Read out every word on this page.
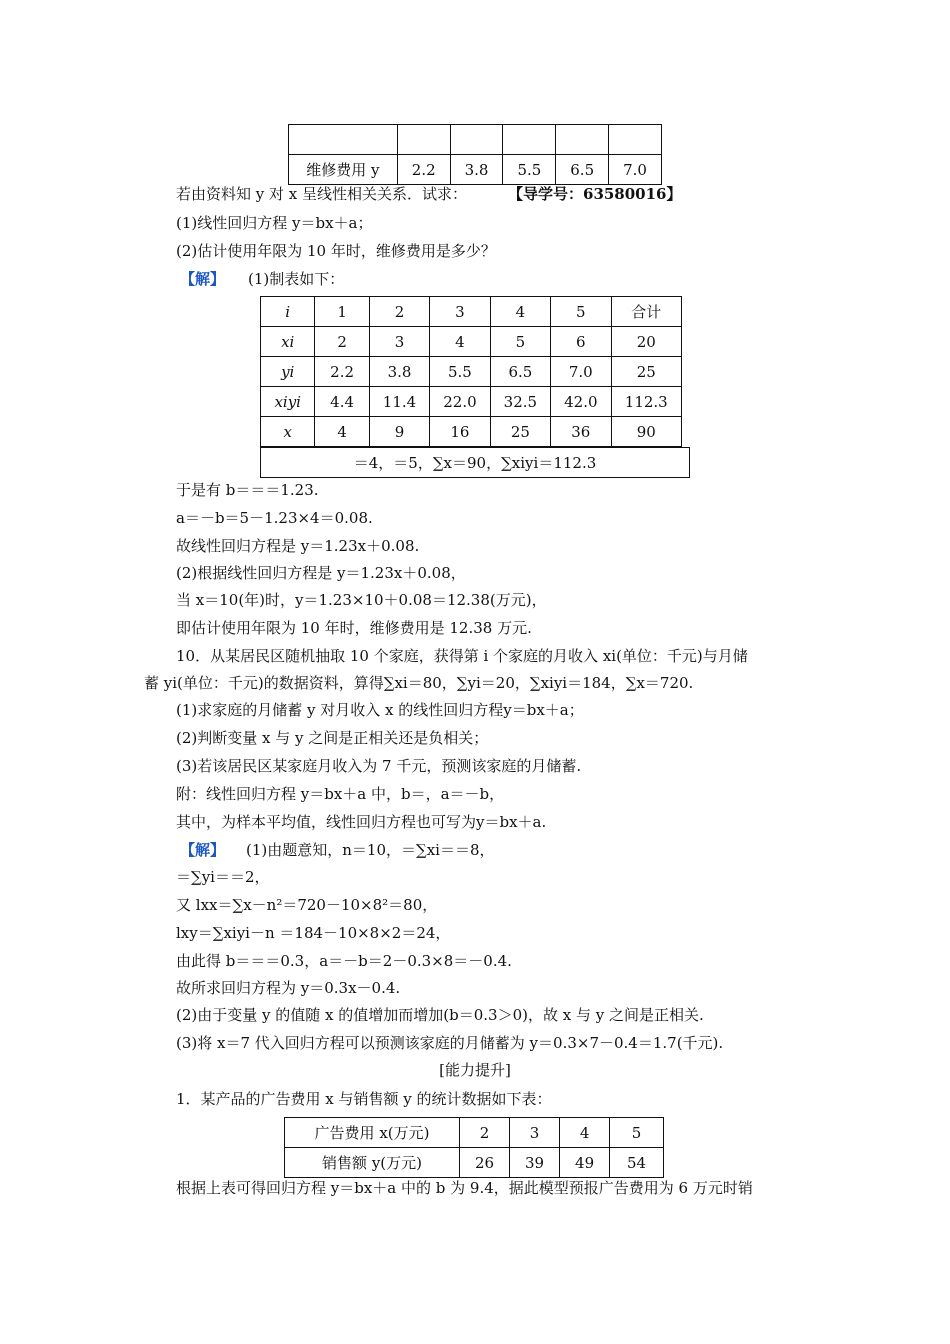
维修费用 y	2.2	3.8	5.5	6.5	7.0
若由资料知 y 对 x 呈线性相关关系．试求：	【导学号：63580016】
(1)线性回归方程 y＝bx＋a；
(2)估计使用年限为 10 年时，维修费用是多少？
【解】 (1)制表如下：
i	1	2	3	4	5	合计
xi	2	3	4	5	6	20
yi	2.2	3.8	5.5	6.5	7.0	25
xiyi	4.4	11.4	22.0	32.5	42.0	112.3
x	4	9	16	25	36	90
＝4，＝5，∑x＝90，∑xiyi＝112.3
于是有 b＝＝＝1.23.
a＝－b＝5－1.23×4＝0.08.
故线性回归方程是 y＝1.23x＋0.08.
(2)根据线性回归方程是 y＝1.23x＋0.08，
当 x＝10(年)时，y＝1.23×10＋0.08＝12.38(万元)，
即估计使用年限为 10 年时，维修费用是 12.38 万元.
10．从某居民区随机抽取 10 个家庭，获得第 i 个家庭的月收入 xi(单位：千元)与月储
蓄 yi(单位：千元)的数据资料，算得∑xi＝80，∑yi＝20，∑xiyi＝184，∑x＝720.
(1)求家庭的月储蓄 y 对月收入 x 的线性回归方程y＝bx＋a；
(2)判断变量 x 与 y 之间是正相关还是负相关；
(3)若该居民区某家庭月收入为 7 千元，预测该家庭的月储蓄.
附：线性回归方程 y＝bx＋a 中，b＝，a＝－b，
其中，为样本平均值，线性回归方程也可写为y＝bx＋a.
【解】 (1)由题意知，n＝10，＝∑xi＝＝8，
＝∑yi＝＝2，
又 lxx＝∑x－n²＝720－10×8²＝80，
lxy＝∑xiyi－n ＝184－10×8×2＝24，
由此得 b＝＝＝0.3，a＝－b＝2－0.3×8＝－0.4.
故所求回归方程为 y＝0.3x－0.4.
(2)由于变量 y 的值随 x 的值增加而增加(b＝0.3＞0)，故 x 与 y 之间是正相关.
(3)将 x＝7 代入回归方程可以预测该家庭的月储蓄为 y＝0.3×7－0.4＝1.7(千元).
[能力提升]
1．某产品的广告费用 x 与销售额 y 的统计数据如下表：
广告费用 x(万元)	2	3	4	5
销售额 y(万元)	26	39	49	54
根据上表可得回归方程 y＝bx＋a 中的 b 为 9.4，据此模型预报广告费用为 6 万元时销
